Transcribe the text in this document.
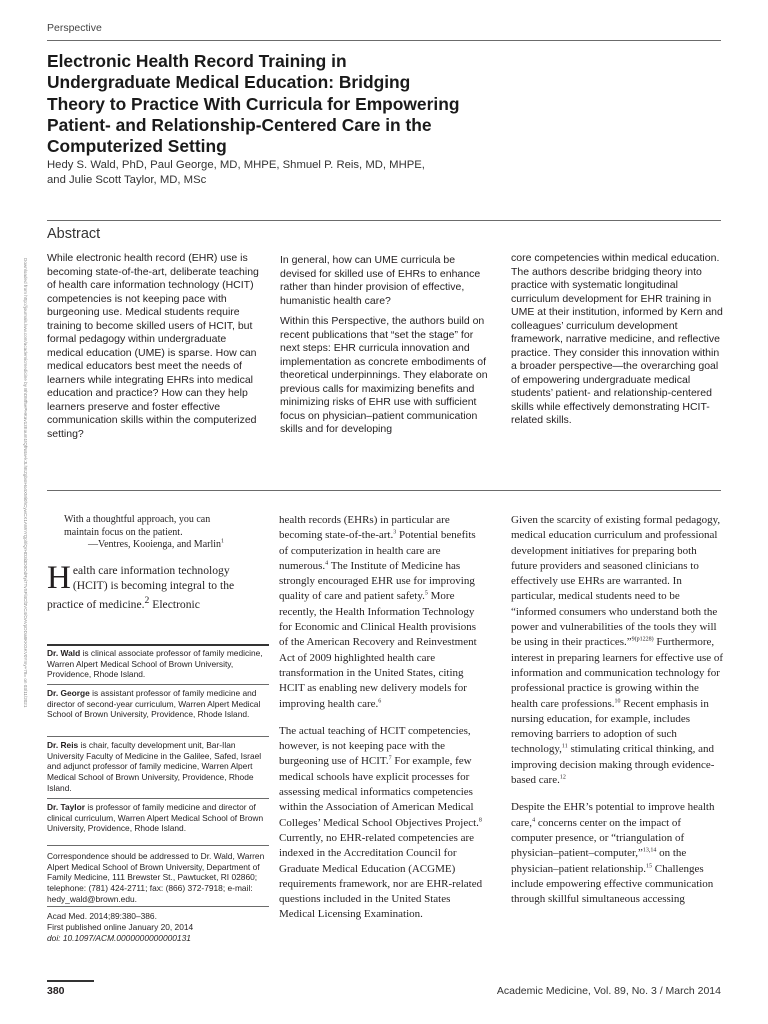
Perspective
Electronic Health Record Training in Undergraduate Medical Education: Bridging Theory to Practice With Curricula for Empowering Patient- and Relationship-Centered Care in the Computerized Setting
Hedy S. Wald, PhD, Paul George, MD, MHPE, Shmuel P. Reis, MD, MHPE,
and Julie Scott Taylor, MD, MSc
Abstract
Downloaded from http://journals.lww.com/academicmedicine by BhDMf5ePHKav1zEoum1tQfN4a+kJLhEZgbsIHo4XMi0hCywCX1AWnYQp/IlQrHD3i3D0OdRyi7TvSFl4Cf3VC4/OAVpDDa8KKGKV0Ymy+78= on 03/11/2021 While electronic health record (EHR) use is becoming state-of-the-art, deliberate teaching of health care information technology (HCIT) competencies is not keeping pace with burgeoning use. Medical students require training to become skilled users of HCIT, but formal pedagogy within undergraduate medical education (UME) is sparse. How can medical educators best meet the needs of learners while integrating EHRs into medical education and practice? How can they help learners preserve and foster effective communication skills within the computerized setting?

In general, how can UME curricula be devised for skilled use of EHRs to enhance rather than hinder provision of effective, humanistic health care?

Within this Perspective, the authors build on recent publications that “set the stage” for next steps: EHR curricula innovation and implementation as concrete embodiments of theoretical underpinnings. They elaborate on previous calls for maximizing benefits and minimizing risks of EHR use with sufficient focus on physician–patient communication skills and for developing

core competencies within medical education. The authors describe bridging theory into practice with systematic longitudinal curriculum development for EHR training in UME at their institution, informed by Kern and colleagues’ curriculum development framework, narrative medicine, and reflective practice. They consider this innovation within a broader perspective—the overarching goal of empowering undergraduate medical students’ patient- and relationship-centered skills while effectively demonstrating HCIT-related skills.

With a thoughtful approach, you can
maintain focus on the patient.
—Ventres, Kooienga, and Marlin$^1$
Health care information technology (HCIT) is becoming integral to the practice of medicine.$^2$ Electronic
Dr. Wald is clinical associate professor of family medicine, Warren Alpert Medical School of Brown University, Providence, Rhode Island.
Dr. George is assistant professor of family medicine and director of second-year curriculum, Warren Alpert Medical School of Brown University, Providence, Rhode Island.
Dr. Reis is chair, faculty development unit, Bar-Ilan University Faculty of Medicine in the Galilee, Safed, Israel and adjunct professor of family medicine, Warren Alpert Medical School of Brown University, Providence, Rhode Island.
Dr. Taylor is professor of family medicine and director of clinical curriculum, Warren Alpert Medical School of Brown University, Providence, Rhode Island.
Correspondence should be addressed to Dr. Wald, Warren Alpert Medical School of Brown University, Department of Family Medicine, 111 Brewster St., Pawtucket, RI 02860; telephone: (781) 424-2711; fax: (866) 372-7918; e-mail: hedy_wald@brown.edu.
Acad Med. 2014;89:380–386.
First published online January 20, 2014
doi: 10.1097/ACM.0000000000000131

health records (EHRs) in particular are becoming state-of-the-art.$^3$ Potential benefits of computerization in health care are numerous.$^4$ The Institute of Medicine has strongly encouraged EHR use for improving quality of care and patient safety.$^5$ More recently, the Health Information Technology for Economic and Clinical Health provisions of the American Recovery and Reinvestment Act of 2009 highlighted health care transformation in the United States, citing HCIT as enabling new delivery models for improving health care.$^6$

The actual teaching of HCIT competencies, however, is not keeping pace with the burgeoning use of HCIT.$^7$ For example, few medical schools have explicit processes for assessing medical informatics competencies within the Association of American Medical Colleges’ Medical School Objectives Project.$^8$ Currently, no EHR-related competencies are indexed in the Accreditation Council for Graduate Medical Education (ACGME) requirements framework, nor are EHR-related questions included in the United States Medical Licensing Examination.

Given the scarcity of existing formal pedagogy, medical education curriculum and professional development initiatives for preparing both future providers and seasoned clinicians to effectively use EHRs are warranted. In particular, medical students need to be “informed consumers who understand both the power and vulnerabilities of the tools they will be using in their practices.”$^{9(p1228)}$ Furthermore, interest in preparing learners for effective use of information and communication technology for professional practice is growing within the health care professions.$^{10}$ Recent emphasis in nursing education, for example, includes removing barriers to adoption of such technology,$^{11}$ stimulating critical thinking, and improving decision making through evidence-based care.$^{12}$

Despite the EHR’s potential to improve health care,$^4$ concerns center on the impact of computer presence, or “triangulation of physician–patient–computer,”$^{13,14}$ on the physician–patient relationship.$^{15}$ Challenges include empowering effective communication through skillful simultaneous accessing

380	Academic Medicine, Vol. 89, No. 3 / March 2014
